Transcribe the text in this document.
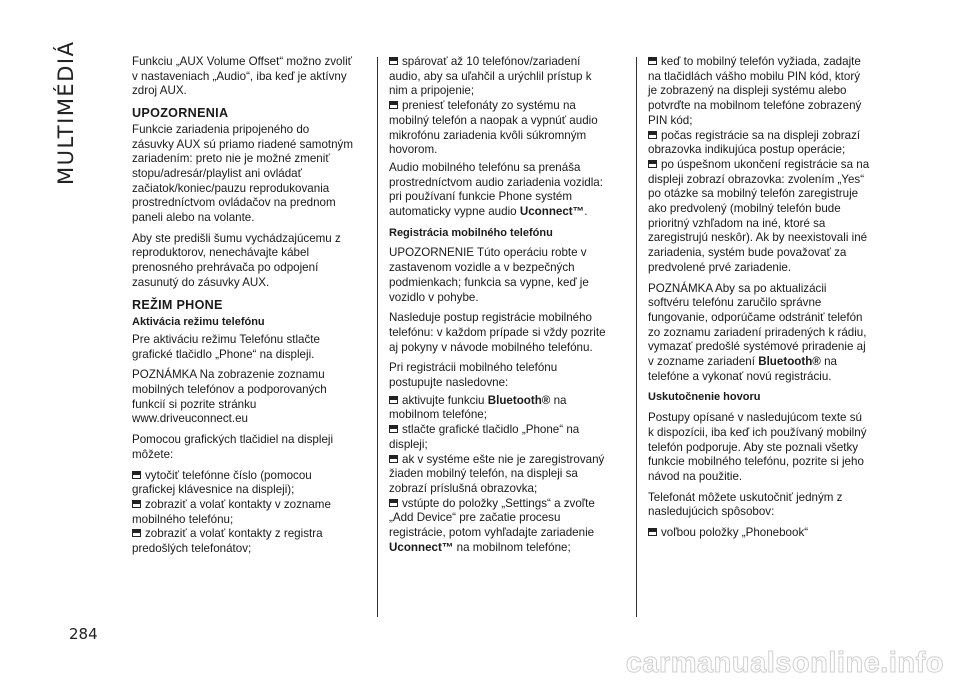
MULTIMÉDIÁ
284

Funkciu „AUX Volume Offset“ možno zvoliť v nastaveniach „Audio“, iba keď je aktívny zdroj AUX.

UPOZORNENIA

Funkcie zariadenia pripojeného do zásuvky AUX sú priamo riadené samotným zariadením: preto nie je možné zmeniť stopu/adresár/playlist ani ovládať začiatok/koniec/pauzu reprodukovania prostredníctvom ovládačov na prednom paneli alebo na volante.

Aby ste predišli šumu vychádzajúcemu z reproduktorov, nenechávajte kábel prenosného prehrávača po odpojení zasunutý do zásuvky AUX.

REŽIM PHONE
Aktivácia režimu telefónu

Pre aktiváciu režimu Telefónu stlačte grafické tlačidlo „Phone“ na displeji.

POZNÁMKA Na zobrazenie zoznamu mobilných telefónov a podporovaných funkcií si pozrite stránku www.driveuconnect.eu

Pomocou grafických tlačidiel na displeji môžete:

vytočiť telefónne číslo (pomocou grafickej klávesnice na displeji);

zobraziť a volať kontakty v zozname mobilného telefónu;

zobraziť a volať kontakty z registra predošlých telefonátov;

spárovať až 10 telefónov/zariadení audio, aby sa uľahčil a urýchlil prístup k nim a pripojenie;

preniesť telefonáty zo systému na mobilný telefón a naopak a vypnúť audio mikrofónu zariadenia kvôli súkromným hovorom.

Audio mobilného telefónu sa prenáša prostredníctvom audio zariadenia vozidla: pri používaní funkcie Phone systém automaticky vypne audio Uconnect™.

Registrácia mobilného telefónu

UPOZORNENIE Túto operáciu robte v zastavenom vozidle a v bezpečných podmienkach; funkcia sa vypne, keď je vozidlo v pohybe.

Nasleduje postup registrácie mobilného telefónu: v každom prípade si vždy pozrite aj pokyny v návode mobilného telefónu.

Pri registrácii mobilného telefónu postupujte nasledovne:

aktivujte funkciu Bluetooth® na mobilnom telefóne;

stlačte grafické tlačidlo „Phone“ na displeji;

ak v systéme ešte nie je zaregistrovaný žiaden mobilný telefón, na displeji sa zobrazí príslušná obrazovka;

vstúpte do položky „Settings“ a zvoľte „Add Device“ pre začatie procesu registrácie, potom vyhľadajte zariadenie Uconnect™ na mobilnom telefóne;

keď to mobilný telefón vyžiada, zadajte na tlačidlách vášho mobilu PIN kód, ktorý je zobrazený na displeji systému alebo potvrďte na mobilnom telefóne zobrazený PIN kód;

počas registrácie sa na displeji zobrazí obrazovka indikujúca postup operácie;

po úspešnom ukončení registrácie sa na displeji zobrazí obrazovka: zvolením „Yes“ po otázke sa mobilný telefón zaregistruje ako predvolený (mobilný telefón bude prioritný vzhľadom na iné, ktoré sa zaregistrujú neskôr). Ak by neexistovali iné zariadenia, systém bude považovať za predvolené prvé zariadenie.

POZNÁMKA Aby sa po aktualizácii softvéru telefónu zaručilo správne fungovanie, odporúčame odstrániť telefón zo zoznamu zariadení priradených k rádiu, vymazať predošlé systémové priradenie aj v zozname zariadení Bluetooth® na telefóne a vykonať novú registráciu.

Uskutočnenie hovoru

Postupy opísané v nasledujúcom texte sú k dispozícii, iba keď ich používaný mobilný telefón podporuje. Aby ste poznali všetky funkcie mobilného telefónu, pozrite si jeho návod na použitie.

Telefonát môžete uskutočniť jedným z nasledujúcich spôsobov:

voľbou položky „Phonebook“

carmanualsonline.info
